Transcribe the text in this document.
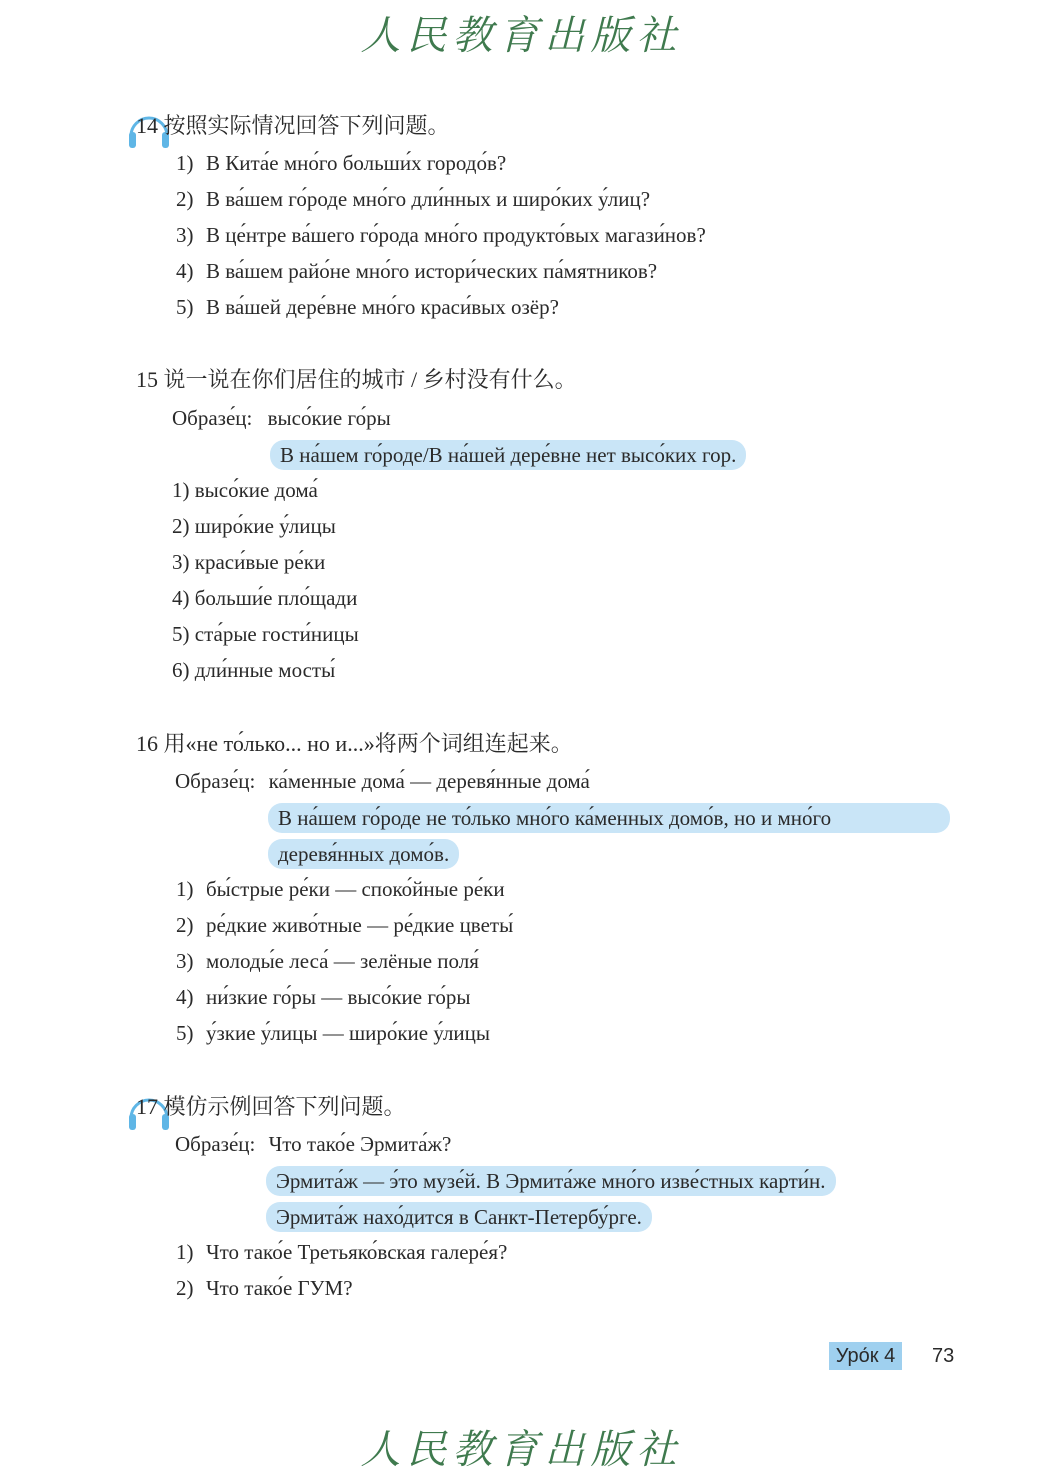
人民教育出版社
14 按照实际情况回答下列问题。
1) В Кита́е мно́го больши́х городо́в?
2) В ва́шем го́роде мно́го дли́нных и широ́ких у́лиц?
3) В це́нтре ва́шего го́рода мно́го продукто́вых магази́нов?
4) В ва́шем райо́не мно́го истори́ческих па́мятников?
5) В ва́шей дере́вне мно́го краси́вых озёр?
15 说一说在你们居住的城市 / 乡村没有什么。
Образе́ц: высо́кие го́ры
В на́шем го́роде/В на́шей дере́вне нет высо́ких гор.
1) высо́кие дома́
2) широ́кие у́лицы
3) краси́вые ре́ки
4) больши́е пло́щади
5) ста́рые гости́ницы
6) дли́нные мосты́
16 用«не то́лько... но и...»将两个词组连起来。
Образе́ц: ка́менные дома́ — деревя́нные дома́
В на́шем го́роде не то́лько мно́го ка́менных домо́в, но и мно́го
деревя́нных домо́в.
1) бы́стрые ре́ки — споко́йные ре́ки
2) ре́дкие живо́тные — ре́дкие цветы́
3) молоды́е леса́ — зелёные поля́
4) ни́зкие го́ры — высо́кие го́ры
5) у́зкие у́лицы — широ́кие у́лицы
17 模仿示例回答下列问题。
Образе́ц: Что тако́е Эрмита́ж?
Эрмита́ж — э́то музе́й. В Эрмита́же мно́го изве́стных карти́н.
Эрмита́ж нахо́дится в Санкт-Петербу́рге.
1) Что тако́е Третьяко́вская галере́я?
2) Что тако́е ГУМ?
Уро́к 4	73
人民教育出版社
